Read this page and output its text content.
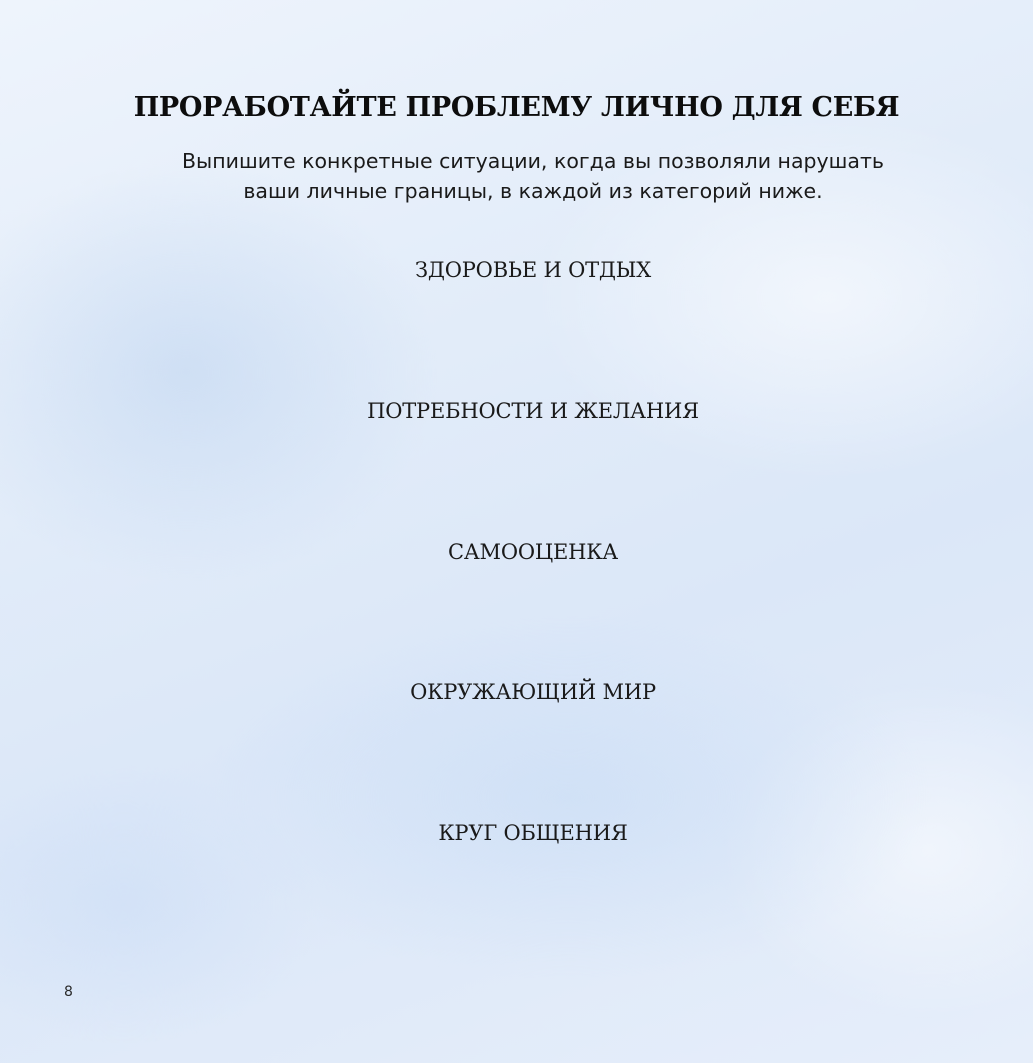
ПРОРАБОТАЙТЕ ПРОБЛЕМУ ЛИЧНО ДЛЯ СЕБЯ
Выпишите конкретные ситуации, когда вы позволяли нарушать
ваши личные границы, в каждой из категорий ниже.
ЗДОРОВЬЕ И ОТДЫХ
ПОТРЕБНОСТИ И ЖЕЛАНИЯ
САМООЦЕНКА
ОКРУЖАЮЩИЙ МИР
КРУГ ОБЩЕНИЯ
8
